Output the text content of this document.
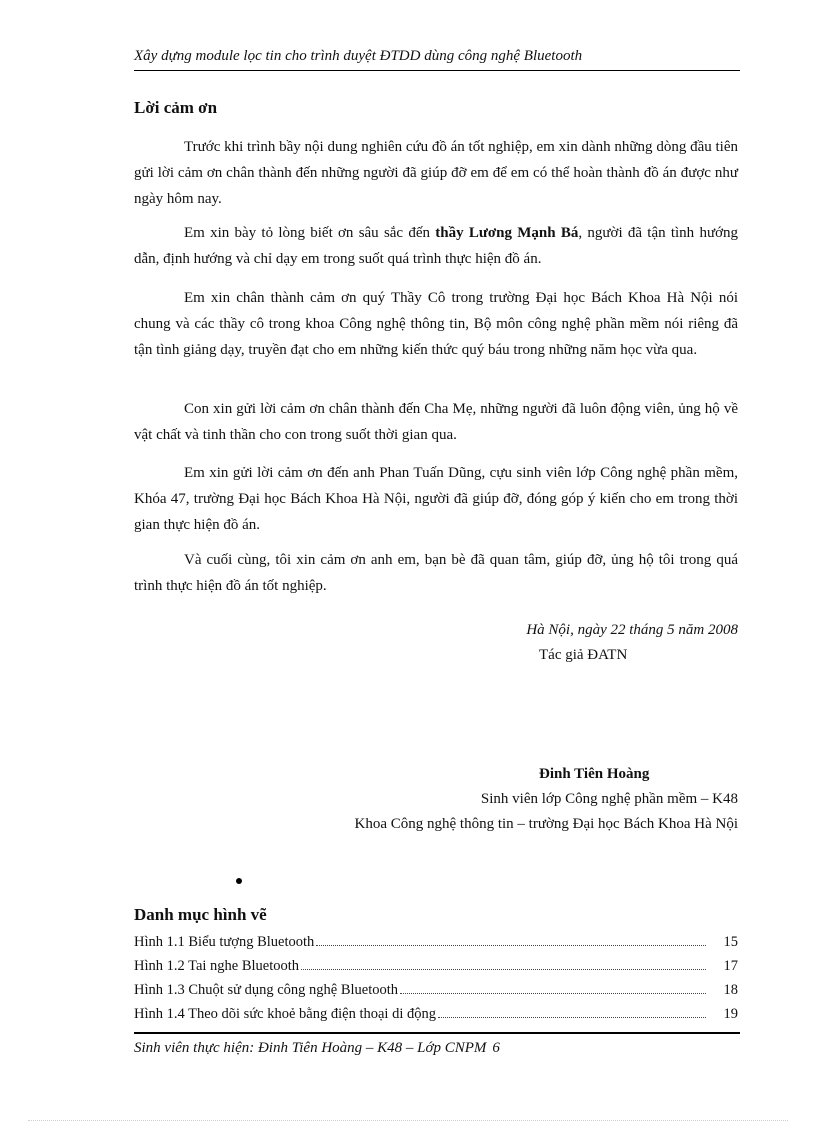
Xây dựng module lọc tin cho trình duyệt ĐTDD dùng công nghệ Bluetooth
Lời cảm ơn

Trước khi trình bầy nội dung nghiên cứu đồ án tốt nghiệp, em xin dành những dòng đầu tiên gửi lời cảm ơn chân thành đến những người đã giúp đỡ em để em có thể hoàn thành đồ án được như ngày hôm nay.

Em xin bày tỏ lòng biết ơn sâu sắc đến thầy Lương Mạnh Bá, người đã tận tình hướng dẫn, định hướng và chỉ dạy em trong suốt quá trình thực hiện đồ án.

Em xin chân thành cảm ơn quý Thầy Cô trong trường Đại học Bách Khoa Hà Nội nói chung và các thầy cô trong khoa Công nghệ thông tin, Bộ môn công nghệ phần mềm nói riêng đã tận tình giảng dạy, truyền đạt cho em những kiến thức quý báu trong những năm học vừa qua.

Con xin gửi lời cảm ơn chân thành đến Cha Mẹ, những người đã luôn động viên, ủng hộ về vật chất và tinh thần cho con trong suốt thời gian qua.

Em xin gửi lời cảm ơn đến anh Phan Tuấn Dũng, cựu sinh viên lớp Công nghệ phần mềm, Khóa 47, trường Đại học Bách Khoa Hà Nội, người đã giúp đỡ, đóng góp ý kiến cho em trong thời gian thực hiện đồ án.

Và cuối cùng, tôi xin cảm ơn anh em, bạn bè đã quan tâm, giúp đỡ, ủng hộ tôi trong quá trình thực hiện đồ án tốt nghiệp.

Hà Nội, ngày 22 tháng 5 năm 2008
Tác giả ĐATN
Đinh Tiên Hoàng
Sinh viên lớp Công nghệ phần mềm – K48
Khoa Công nghệ thông tin – trường Đại học Bách Khoa Hà Nội
Danh mục hình vẽ
Hình 1.1 Biểu tượng Bluetooth	15
Hình 1.2 Tai nghe Bluetooth	17
Hình 1.3 Chuột sử dụng công nghệ Bluetooth	18
Hình 1.4 Theo dõi sức khoẻ bằng điện thoại di động	19
Sinh viên thực hiện: Đinh Tiên Hoàng – K48 – Lớp CNPM 6
